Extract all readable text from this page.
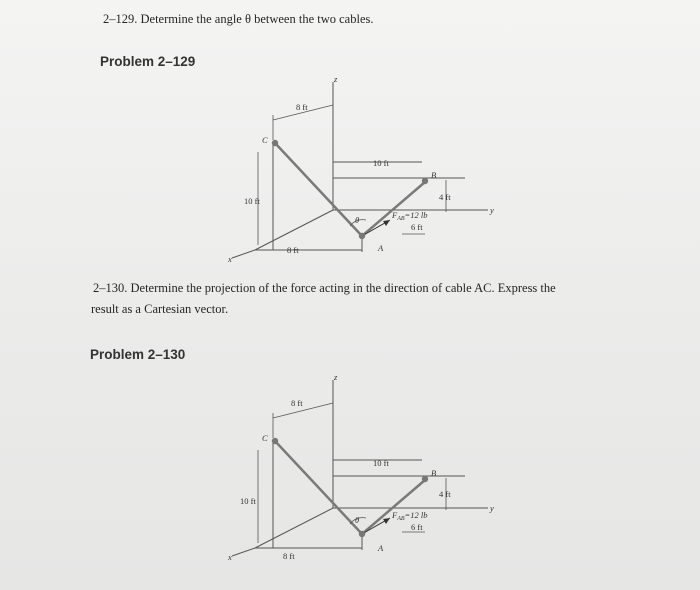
2–129. Determine the angle θ between the two cables.
Problem 2–129
z
x
y
8 ft
10 ft
8 ft
10 ft
4 ft
6 ft
A
B
C
θ	$F_{AB}=12$ lb
2–130. Determine the projection of the force acting in the direction of cable AC. Express the
result as a Cartesian vector.
Problem 2–130
z
x
y
8 ft
10 ft
8 ft
10 ft
4 ft
6 ft
A
B
C
θ	$F_{AB}=12$ lb
